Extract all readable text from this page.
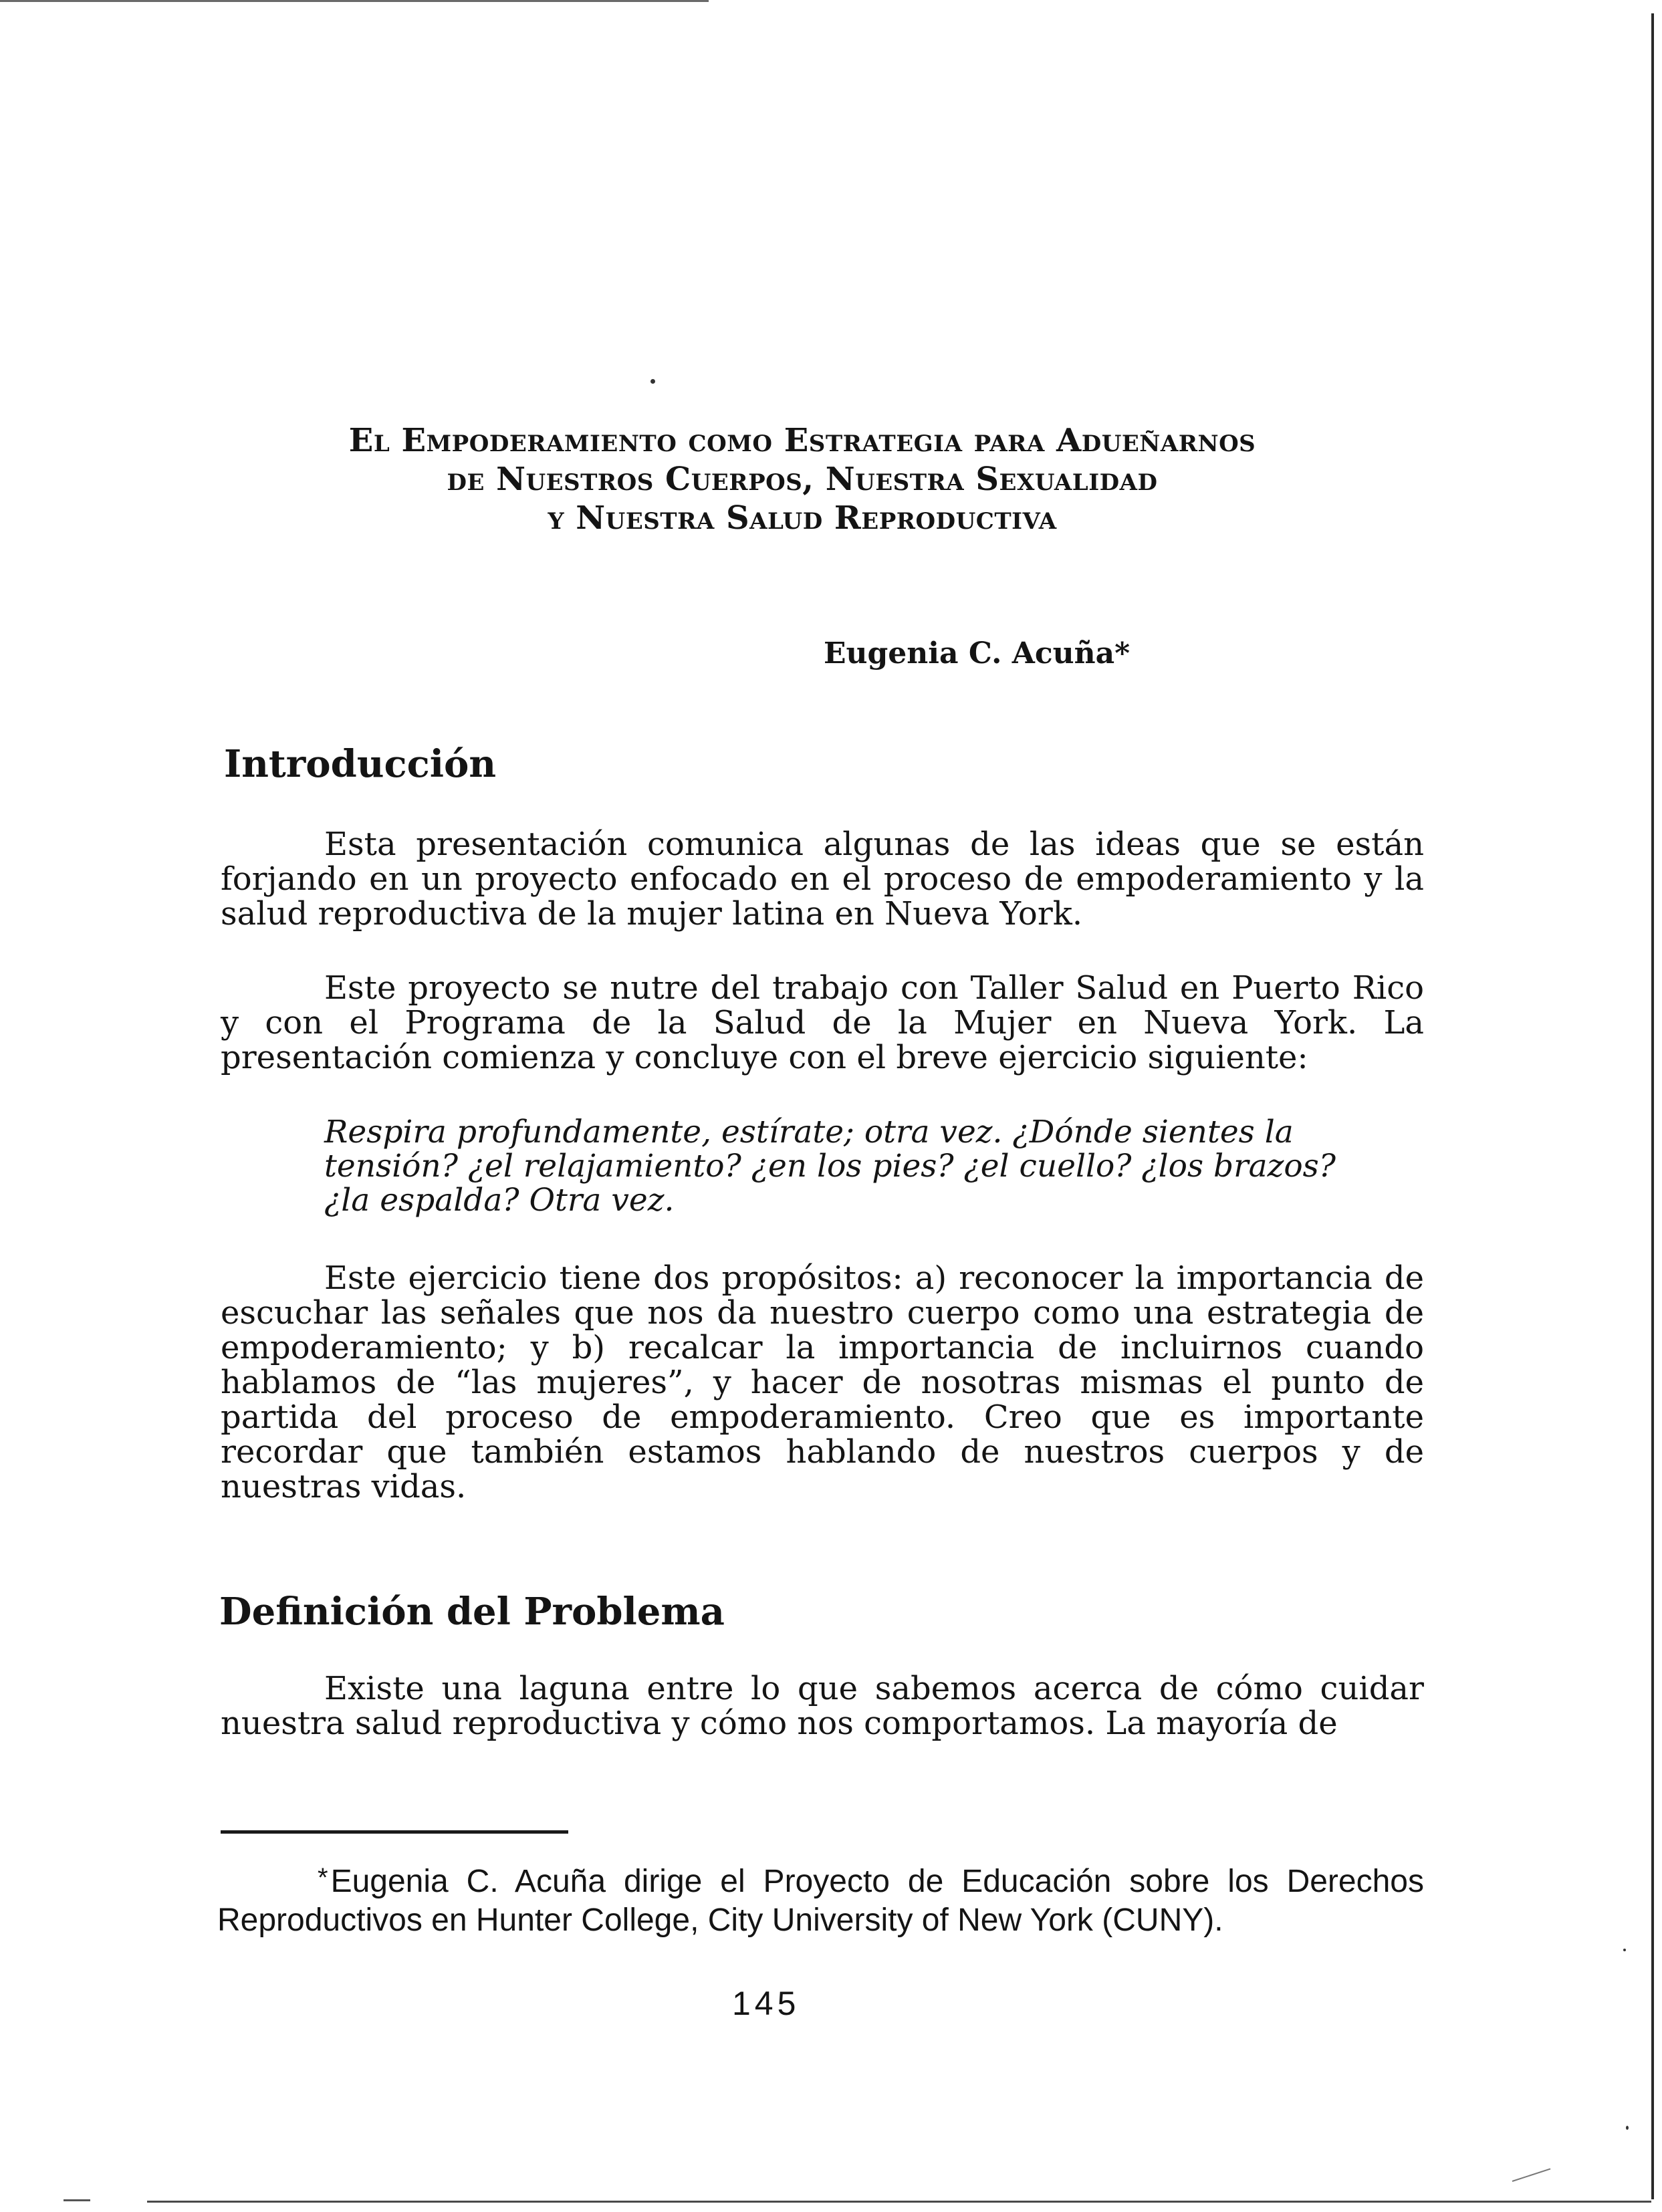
El Empoderamiento como Estrategia para Adueñarnos
de Nuestros Cuerpos, Nuestra Sexualidad
y Nuestra Salud Reproductiva
Eugenia C. Acuña*
Introducción
Esta presentación comunica algunas de las ideas que se están forjando en un proyecto enfocado en el proceso de empoderamiento y la salud reproductiva de la mujer latina en Nueva York.
Este proyecto se nutre del trabajo con Taller Salud en Puerto Rico y con el Programa de la Salud de la Mujer en Nueva York. La presentación comienza y concluye con el breve ejercicio siguiente:
Respira profundamente, estírate; otra vez. ¿Dónde sientes la tensión? ¿el relajamiento? ¿en los pies? ¿el cuello? ¿los brazos? ¿la espalda? Otra vez.
Este ejercicio tiene dos propósitos: a) reconocer la importancia de escuchar las señales que nos da nuestro cuerpo como una estrategia de empoderamiento; y b) recalcar la importancia de incluirnos cuando hablamos de “las mujeres”, y hacer de nosotras mismas el punto de partida del proceso de empoderamiento. Creo que es importante recordar que también estamos hablando de nuestros cuerpos y de nuestras vidas.
Definición del Problema
Existe una laguna entre lo que sabemos acerca de cómo cuidar nuestra salud reproductiva y cómo nos comportamos. La mayoría de
*Eugenia C. Acuña dirige el Proyecto de Educación sobre los Derechos Reproductivos en Hunter College, City University of New York (CUNY).
145
